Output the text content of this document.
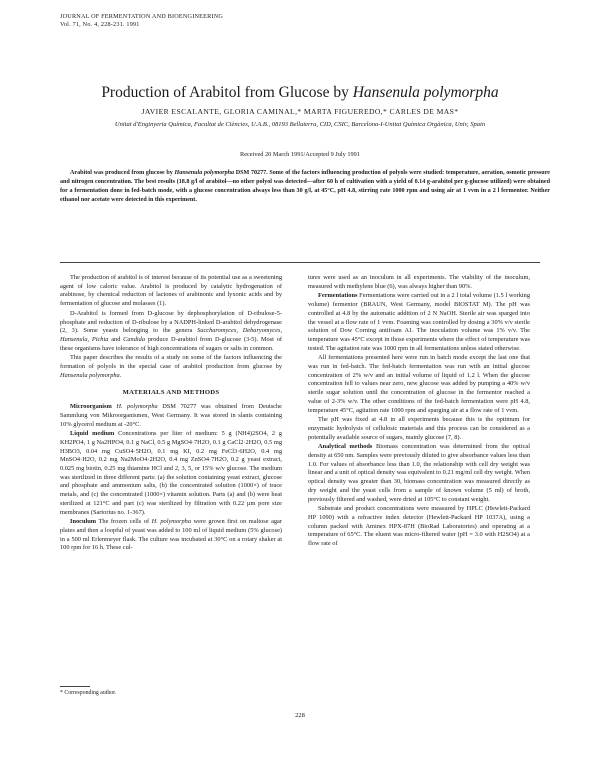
JOURNAL OF FERMENTATION AND BIOENGINEERING
Vol. 71, No. 4, 228-231. 1991
Production of Arabitol from Glucose by Hansenula polymorpha
JAVIER ESCALANTE, GLORIA CAMINAL,* MARTA FIGUEREDO,* CARLES DE MAS*
Unitat d'Enginyeria Química, Facultat de Ciències, U.A.B., 08193 Bellaterra, CID, CSIC, Barcelona-I-Unitat Química Orgànica, Univ, Spain
Received 20 March 1991/Accepted 9 July 1991

Arabitol was produced from glucose by Hansenula polymorpha DSM 70277. Some of the factors influencing production of polyols were studied: temperature, aeration, osmotic pressure and nitrogen concentration. The best results (18.8 g/l of arabitol—no other polyol was detected—after 60 h of cultivation with a yield of 0.14 g-arabitol per g-glucose utilized) were obtained for a fermentation done in fed-batch mode, with a glucose concentration always less than 30 g/l, at 45°C, pH 4.8, stirring rate 1000 rpm and using air at 1 vvm in a 2 l fermentor. Neither ethanol nor acetate were detected in this experiment.

The production of arabitol is of interest because of its potential use as a sweetening agent of low caloric value. Arabitol is produced by catalytic hydrogenation of arabinose, by chemical reduction of lactones of arabinonic and lyxonic acids and by fermentation of glucose and molasses (1).

D-Arabitol is formed from D-glucose by dephosphorylation of D-ribulose-5-phosphate and reduction of D-ribulose by a NADPH-linked D-arabitol dehydrogenase (2, 3). Some yeasts belonging to the genera Saccharomyces, Debaryomyces, Hansenula, Pichia and Candida produce D-arabitol from D-glucose (3-5). Most of these organisms have tolerance of high concentrations of sugars or salts in common.

This paper describes the results of a study on some of the factors influencing the formation of polyols in the special case of arabitol production from glucose by Hansenula polymorpha.

MATERIALS AND METHODS

Microorganism H. polymorpha DSM 70277 was obtained from Deutsche Sammlung von Mikroorganismen, West Germany. It was stored in slants containing 10% glycerol medium at -20°C.

Liquid medium Concentrations per liter of medium: 5 g (NH4)2SO4, 2 g KH2PO4, 1 g Na2HPO4, 0.1 g NaCl, 0.5 g MgSO4·7H2O, 0.1 g CaCl2·2H2O, 0.5 mg H3BO3, 0.04 mg CuSO4·5H2O, 0.1 mg KI, 0.2 mg FeCl3·6H2O, 0.4 mg MnSO4·H2O, 0.2 mg Na2MoO4·2H2O, 0.4 mg ZnSO4·7H2O, 0.2 g yeast extract, 0.025 mg biotin, 0.25 mg thiamine HCl and 2, 3, 5, or 15% w/v glucose. The medium was sterilized in three different parts: (a) the solution containing yeast extract, glucose and phosphate and ammonium salts, (b) the concentrated solution (1000×) of trace metals, and (c) the concentrated (1000×) vitamin solution. Parts (a) and (b) were heat sterilized at 121°C and part (c) was sterilized by filtration with 0.22 µm pore size membranes (Sartorius no. 1-367).

Inoculum The frozen cells of H. polymorpha were grown first on maltose agar plates and then a loopful of yeast was added to 100 ml of liquid medium (5% glucose) in a 500 ml Erlenmeyer flask. The culture was incubated at 30°C on a rotary shaker at 100 rpm for 16 h. These cul-

tures were used as an inoculum in all experiments. The viability of the inoculum, measured with methylene blue (6), was always higher than 90%.

Fermentations Fermentations were carried out in a 2 l total volume (1.5 l working volume) fermentor (BRAUN, West Germany, model BIOSTAT M). The pH was controlled at 4.8 by the automatic addition of 2 N NaOH. Sterile air was sparged into the vessel at a flow rate of 1 vvm. Foaming was controlled by dosing a 30% v/v sterile solution of Dow Corning antifoam A1. The inoculation volume was 1% v/v. The temperature was 45°C except in those experiments where the effect of temperature was tested. The agitation rate was 1000 rpm in all fermentations unless stated otherwise.

All fermentations presented here were run in batch mode except the last one that was run in fed-batch. The fed-batch fermentation was run with an initial glucose concentration of 2% w/v and an initial volume of liquid of 1.2 l. When the glucose concentration fell to values near zero, new glucose was added by pumping a 40% w/v sterile sugar solution until the concentration of glucose in the fermentor reached a value of 2-3% w/v. The other conditions of the fed-batch fermentation were pH 4.8, temperature 45°C, agitation rate 1000 rpm and sparging air at a flow rate of 1 vvm.

The pH was fixed at 4.8 in all experiments because this is the optimum for enzymatic hydrolysis of cellulosic materials and this process can be considered as a potentially available source of sugars, mainly glucose (7, 8).

Analytical methods Biomass concentration was determined from the optical density at 650 nm. Samples were previously diluted to give absorbance values less than 1.0. For values of absorbance less than 1.0, the relationship with cell dry weight was linear and a unit of optical density was equivalent to 0.21 mg/ml cell dry weight. When optical density was greater than 30, biomass concentration was measured directly as dry weight and the yeast cells from a sample of known volume (5 ml) of broth, previously filtered and washed, were dried at 105°C to constant weight.

Substrate and product concentrations were measured by HPLC (Hewlett-Packard HP 1090) with a refractive index detector (Hewlett-Packard HP 1037A), using a column packed with Aminex HPX-87H (BioRad Laboratories) and operating at a temperature of 65°C. The eluent was micro-filtered water (pH = 3.0 with H2SO4) at a flow rate of

* Corresponding author.
228
